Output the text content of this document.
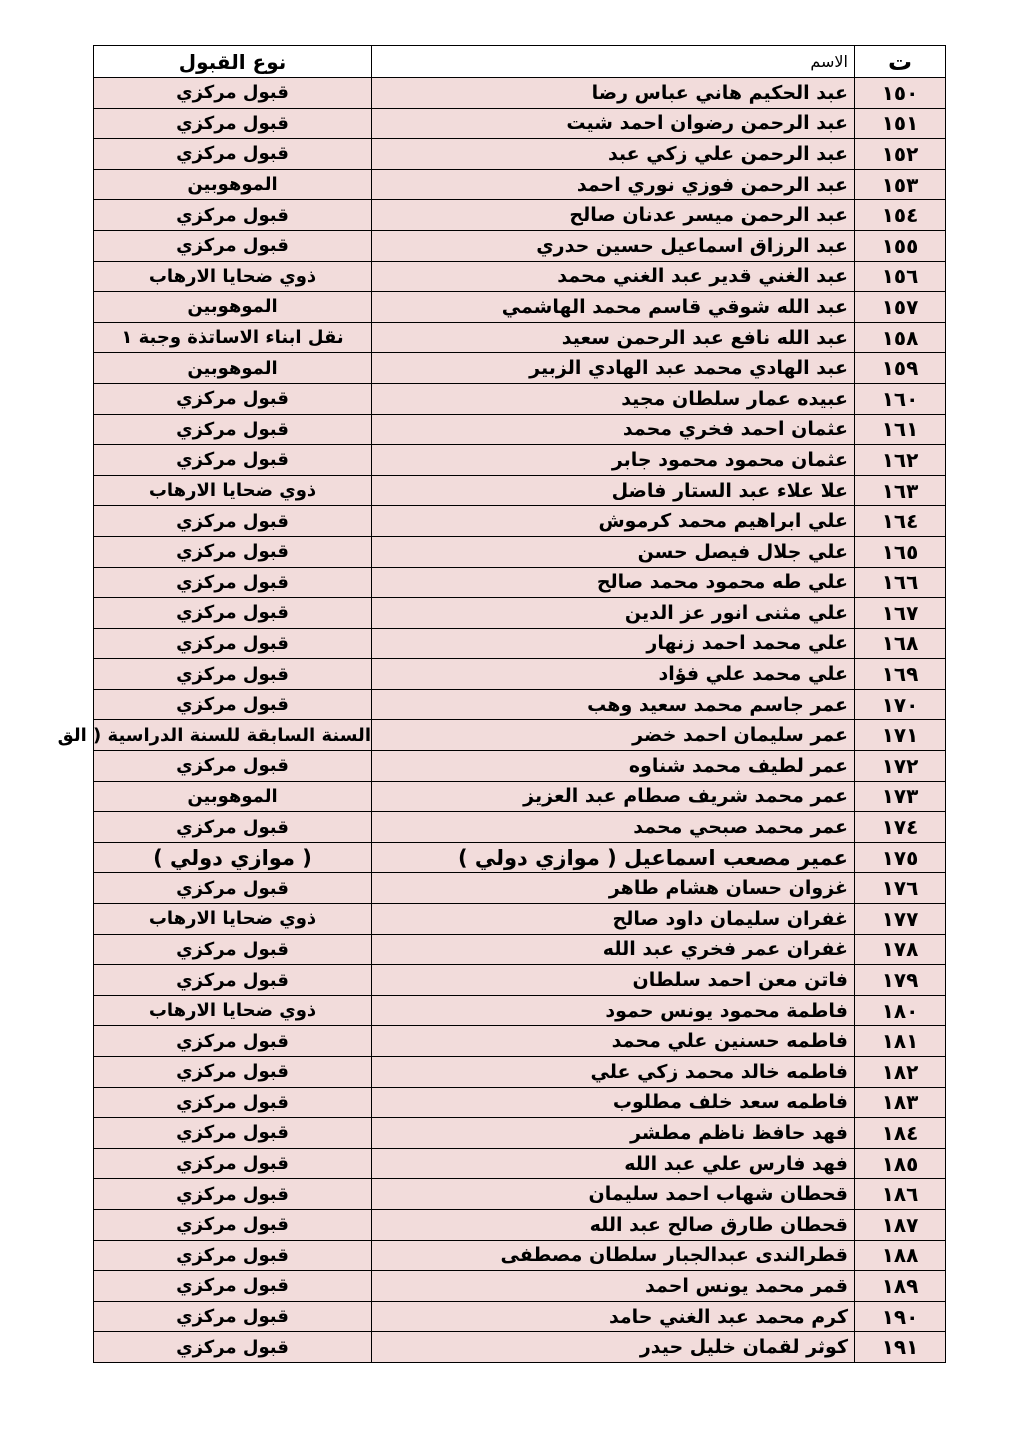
ت	الاسم	نوع القبول
١٥٠	عبد الحكيم هاني عباس رضا	قبول مركزي
١٥١	عبد الرحمن رضوان احمد شيت	قبول مركزي
١٥٢	عبد الرحمن علي زكي عبد	قبول مركزي
١٥٣	عبد الرحمن فوزي نوري احمد	الموهوبين
١٥٤	عبد الرحمن ميسر عدنان صالح	قبول مركزي
١٥٥	عبد الرزاق اسماعيل حسين حدري	قبول مركزي
١٥٦	عبد الغني قدير عبد الغني محمد	ذوي ضحايا الارهاب
١٥٧	عبد الله شوقي قاسم محمد الهاشمي	الموهوبين
١٥٨	عبد الله نافع عبد الرحمن سعيد	نقل ابناء الاساتذة وجبة ١
١٥٩	عبد الهادي محمد عبد الهادي الزبير	الموهوبين
١٦٠	عبيده عمار سلطان مجيد	قبول مركزي
١٦١	عثمان احمد فخري محمد	قبول مركزي
١٦٢	عثمان محمود محمود جابر	قبول مركزي
١٦٣	علا علاء عبد الستار فاضل	ذوي ضحايا الارهاب
١٦٤	علي ابراهيم محمد كرموش	قبول مركزي
١٦٥	علي جلال فيصل حسن	قبول مركزي
١٦٦	علي طه محمود محمد صالح	قبول مركزي
١٦٧	علي مثنى انور عز الدين	قبول مركزي
١٦٨	علي محمد احمد زنهار	قبول مركزي
١٦٩	علي محمد علي فؤاد	قبول مركزي
١٧٠	عمر جاسم محمد سعيد وهب	قبول مركزي
١٧١	عمر سليمان احمد خضر	السنة السابقة للسنة الدراسية ( الق
١٧٢	عمر لطيف محمد شناوه	قبول مركزي
١٧٣	عمر محمد شريف صطام عبد العزيز	الموهوبين
١٧٤	عمر محمد صبحي محمد	قبول مركزي
١٧٥	عمير مصعب اسماعيل ( موازي دولي )	( موازي دولي )
١٧٦	غزوان حسان هشام طاهر	قبول مركزي
١٧٧	غفران سليمان داود صالح	ذوي ضحايا الارهاب
١٧٨	غفران عمر فخري عبد الله	قبول مركزي
١٧٩	فاتن معن احمد سلطان	قبول مركزي
١٨٠	فاطمة محمود يونس حمود	ذوي ضحايا الارهاب
١٨١	فاطمه حسنين علي محمد	قبول مركزي
١٨٢	فاطمه خالد محمد زكي علي	قبول مركزي
١٨٣	فاطمه سعد خلف مطلوب	قبول مركزي
١٨٤	فهد حافظ ناظم مطشر	قبول مركزي
١٨٥	فهد فارس علي عبد الله	قبول مركزي
١٨٦	قحطان شهاب احمد سليمان	قبول مركزي
١٨٧	قحطان طارق صالح عبد الله	قبول مركزي
١٨٨	قطرالندى عبدالجبار سلطان مصطفى	قبول مركزي
١٨٩	قمر محمد يونس احمد	قبول مركزي
١٩٠	كرم محمد عبد الغني حامد	قبول مركزي
١٩١	كوثر لقمان خليل حيدر	قبول مركزي
